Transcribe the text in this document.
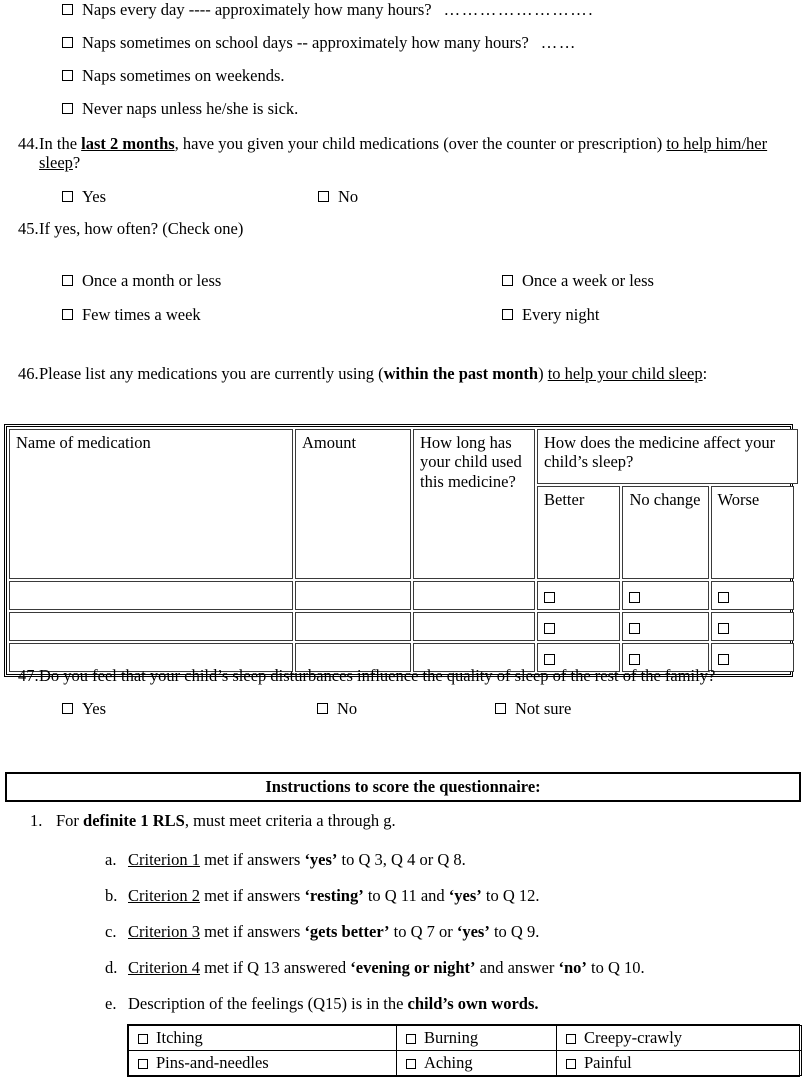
Naps every day ---- approximately how many hours? …………………….
Naps sometimes on school days -- approximately how many hours? ……
Naps sometimes on weekends.
Never naps unless he/she is sick.
44. In the last 2 months, have you given your child medications (over the counter or prescription) to help him/her sleep?
Yes	No
45. If yes, how often? (Check one)
Once a month or less	Once a week or less
Few times a week	Every night
46. Please list any medications you are currently using (within the past month) to help your child sleep:
Name of medication	Amount	How long has your child used this medicine?	How does the medicine affect your child’s sleep?

Better	No change	Worse

47. Do you feel that your child’s sleep disturbances influence the quality of sleep of the rest of the family?
Yes	No	Not sure
Instructions to score the questionnaire:
1. For definite 1 RLS, must meet criteria a through g.
a. Criterion 1 met if answers ‘yes’ to Q 3, Q 4 or Q 8.
b. Criterion 2 met if answers ‘resting’ to Q 11 and ‘yes’ to Q 12.
c. Criterion 3 met if answers ‘gets better’ to Q 7 or ‘yes’ to Q 9.
d. Criterion 4 met if Q 13 answered ‘evening or night’ and answer ‘no’ to Q 10.
e. Description of the feelings (Q15) is in the child’s own words.
Itching	Burning	Creepy-crawly
Pins-and-needles	Aching	Painful
